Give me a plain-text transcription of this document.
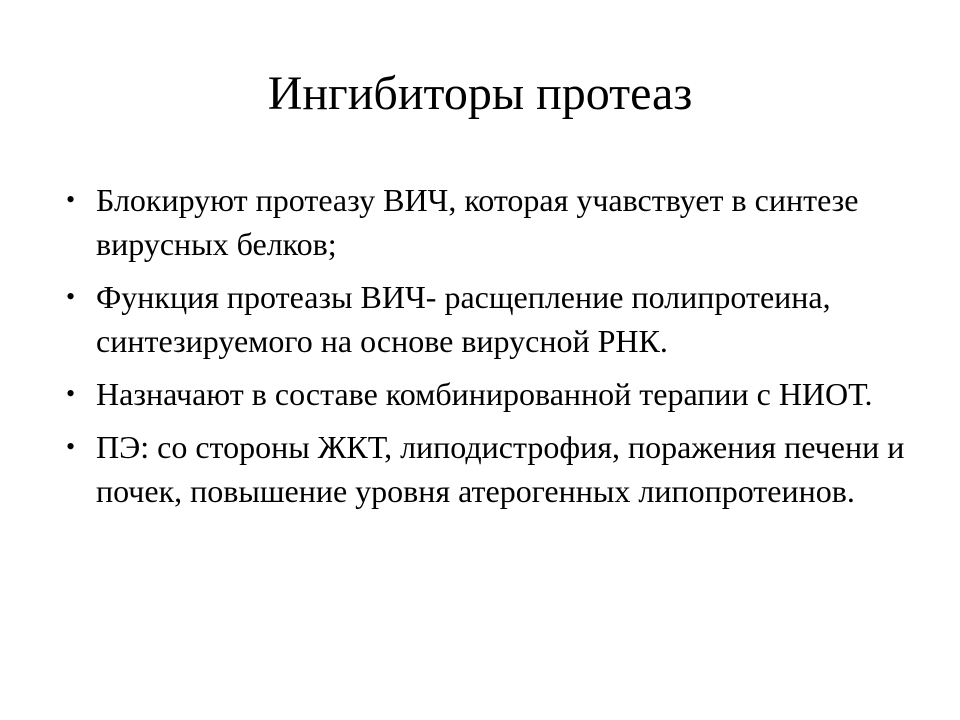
Ингибиторы протеаз
• Блокируют протеазу ВИЧ, которая учавствует в синтезе вирусных белков;
• Функция протеазы ВИЧ- расщепление полипротеина, синтезируемого на основе вирусной РНК.
• Назначают в составе комбинированной терапии с НИОТ.
• ПЭ: со стороны ЖКТ, липодистрофия, поражения печени и почек, повышение уровня атерогенных липопротеинов.
